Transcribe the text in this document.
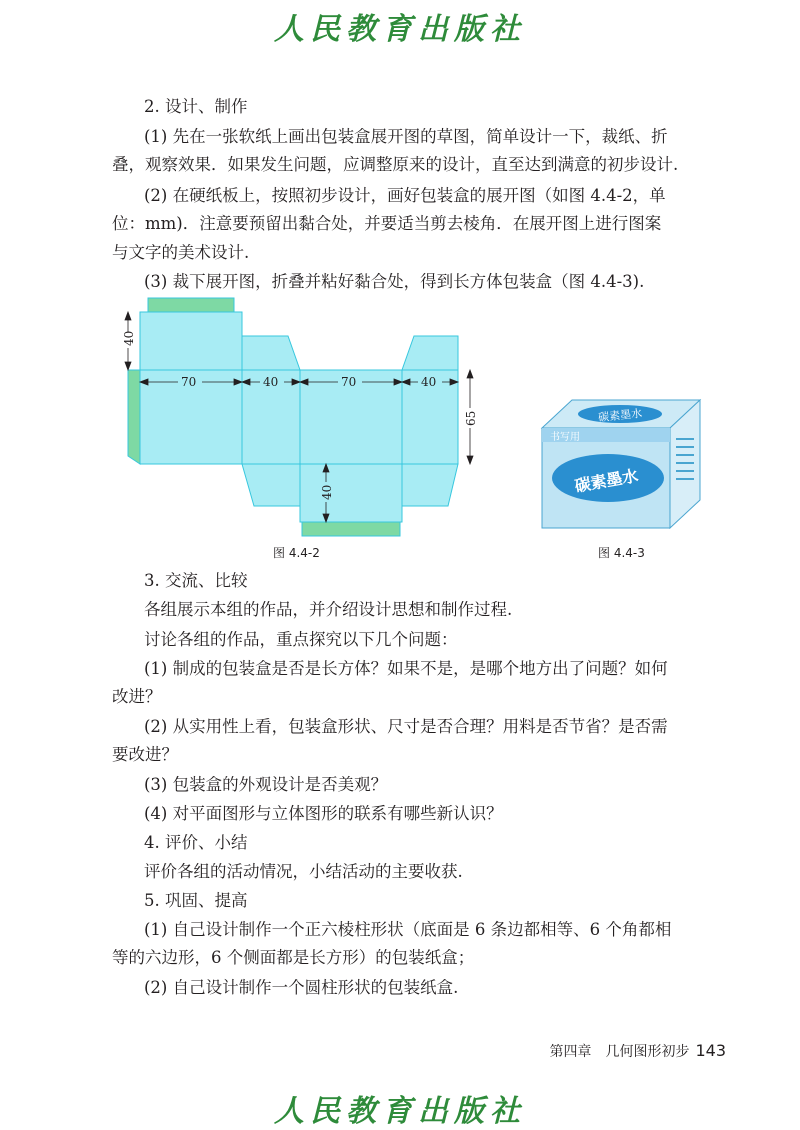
人民教育出版社

2. 设计、制作

(1) 先在一张软纸上画出包装盒展开图的草图，简单设计一下，裁纸、折

叠，观察效果．如果发生问题，应调整原来的设计，直至达到满意的初步设计.

(2) 在硬纸板上，按照初步设计，画好包装盒的展开图（如图 4.4-2，单

位：mm)．注意要预留出黏合处，并要适当剪去棱角．在展开图上进行图案

与文字的美术设计.

(3) 裁下展开图，折叠并粘好黏合处，得到长方体包装盒（图 4.4-3).

40
70	40	70	40
65
40
图 4.4-2
碳素墨水
书写用
碳素墨水
图 4.4-3

3. 交流、比较

各组展示本组的作品，并介绍设计思想和制作过程.

讨论各组的作品，重点探究以下几个问题：

(1) 制成的包装盒是否是长方体？如果不是，是哪个地方出了问题？如何

改进？

(2) 从实用性上看，包装盒形状、尺寸是否合理？用料是否节省？是否需

要改进？

(3) 包装盒的外观设计是否美观？

(4) 对平面图形与立体图形的联系有哪些新认识？

4. 评价、小结

评价各组的活动情况，小结活动的主要收获.

5. 巩固、提高

(1) 自己设计制作一个正六棱柱形状（底面是 6 条边都相等、6 个角都相

等的六边形，6 个侧面都是长方形）的包装纸盒；

(2) 自己设计制作一个圆柱形状的包装纸盒.

第四章　几何图形初步 143
人民教育出版社
